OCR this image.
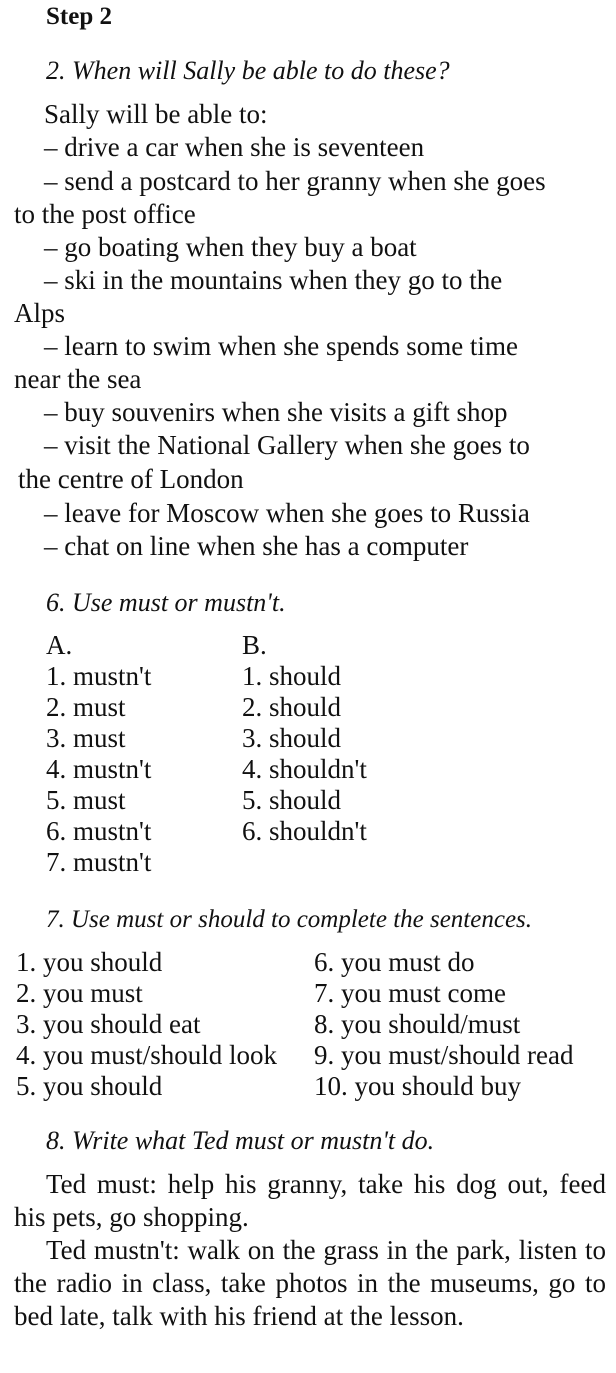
Step 2
2. When will Sally be able to do these?
Sally will be able to:
– drive a car when she is seventeen
– send a postcard to her granny when she goes
to the post office
– go boating when they buy a boat
– ski in the mountains when they go to the
Alps
– learn to swim when she spends some time
near the sea
– buy souvenirs when she visits a gift shop
– visit the National Gallery when she goes to
the centre of London
– leave for Moscow when she goes to Russia
– chat on line when she has a computer
6. Use must or mustn't.
A.
1. mustn't
2. must
3. must
4. mustn't
5. must
6. mustn't
7. mustn't
B.
1. should
2. should
3. should
4. shouldn't
5. should
6. shouldn't
7. Use must or should to complete the sentences.
1. you should
2. you must
3. you should eat
4. you must/should look
5. you should
6. you must do
7. you must come
8. you should/must
9. you must/should read
10. you should buy
8. Write what Ted must or mustn't do.

Ted must: help his granny, take his dog out, feed his pets, go shopping.

Ted mustn't: walk on the grass in the park, listen to the radio in class, take photos in the museums, go to bed late, talk with his friend at the lesson.
